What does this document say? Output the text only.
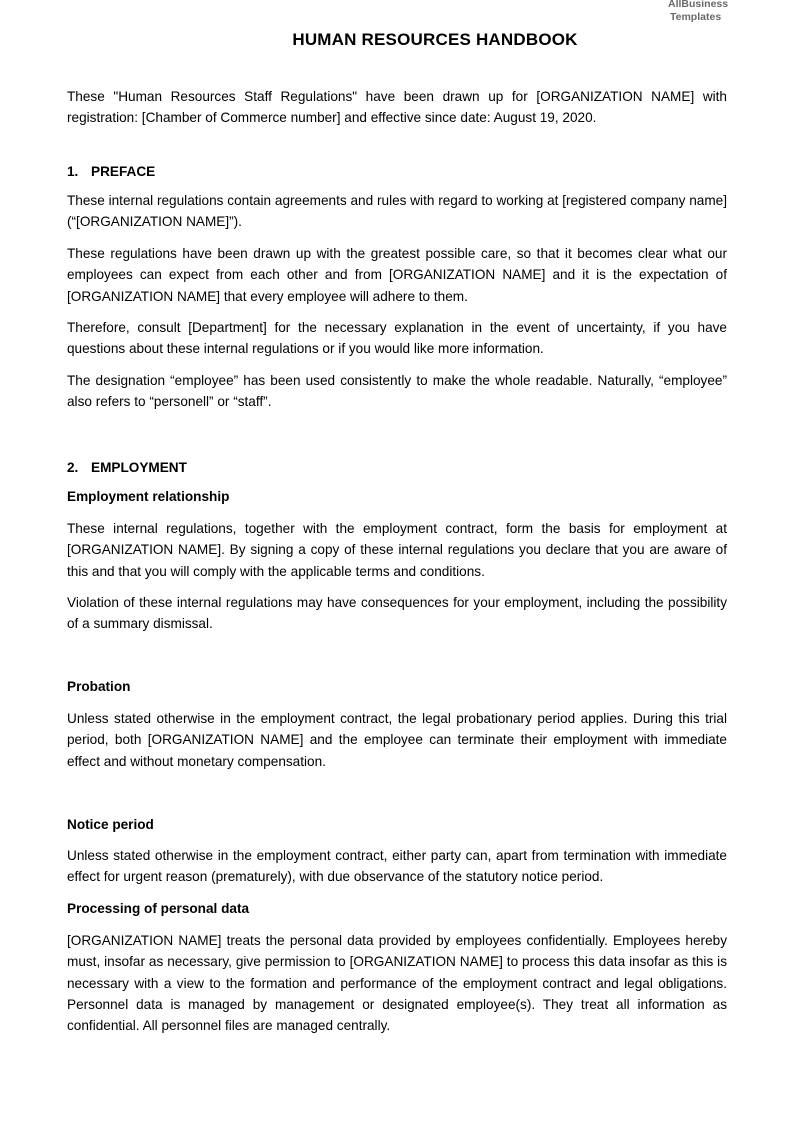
AllBusiness
Templates
HUMAN RESOURCES HANDBOOK

These "Human Resources Staff Regulations" have been drawn up for [ORGANIZATION NAME] with registration: [Chamber of Commerce number] and effective since date: August 19, 2020.

1. PREFACE

These internal regulations contain agreements and rules with regard to working at [registered company name] (“[ORGANIZATION NAME]”).

These regulations have been drawn up with the greatest possible care, so that it becomes clear what our employees can expect from each other and from [ORGANIZATION NAME] and it is the expectation of [ORGANIZATION NAME] that every employee will adhere to them.

Therefore, consult [Department] for the necessary explanation in the event of uncertainty, if you have questions about these internal regulations or if you would like more information.

The designation “employee” has been used consistently to make the whole readable. Naturally, “employee” also refers to “personell” or “staff”.

2. EMPLOYMENT
Employment relationship

These internal regulations, together with the employment contract, form the basis for employment at [ORGANIZATION NAME]. By signing a copy of these internal regulations you declare that you are aware of this and that you will comply with the applicable terms and conditions.

Violation of these internal regulations may have consequences for your employment, including the possibility of a summary dismissal.

Probation

Unless stated otherwise in the employment contract, the legal probationary period applies. During this trial period, both [ORGANIZATION NAME] and the employee can terminate their employment with immediate effect and without monetary compensation.

Notice period

Unless stated otherwise in the employment contract, either party can, apart from termination with immediate effect for urgent reason (prematurely), with due observance of the statutory notice period.

Processing of personal data

[ORGANIZATION NAME] treats the personal data provided by employees confidentially. Employees hereby must, insofar as necessary, give permission to [ORGANIZATION NAME] to process this data insofar as this is necessary with a view to the formation and performance of the employment contract and legal obligations. Personnel data is managed by management or designated employee(s). They treat all information as confidential. All personnel files are managed centrally.
